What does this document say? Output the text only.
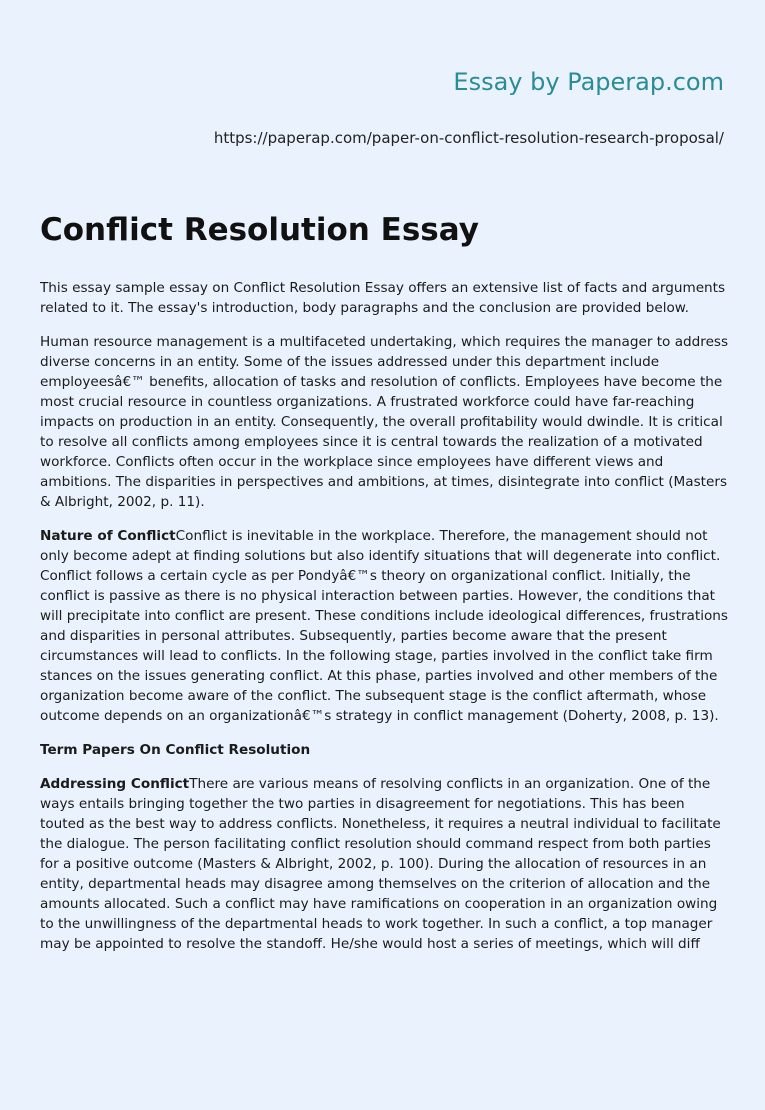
Essay by Paperap.com
https://paperap.com/paper-on-conflict-resolution-research-proposal/
Conflict Resolution Essay

This essay sample essay on Conflict Resolution Essay offers an extensive list of facts and arguments related to it. The essay's introduction, body paragraphs and the conclusion are provided below.

Human resource management is a multifaceted undertaking, which requires the manager to address diverse concerns in an entity. Some of the issues addressed under this department include employeesâ€™ benefits, allocation of tasks and resolution of conflicts. Employees have become the most crucial resource in countless organizations. A frustrated workforce could have far-reaching impacts on production in an entity. Consequently, the overall profitability would dwindle. It is critical to resolve all conflicts among employees since it is central towards the realization of a motivated workforce. Conflicts often occur in the workplace since employees have different views and ambitions. The disparities in perspectives and ambitions, at times, disintegrate into conflict (Masters & Albright, 2002, p. 11).

Nature of ConflictConflict is inevitable in the workplace. Therefore, the management should not only become adept at finding solutions but also identify situations that will degenerate into conflict. Conflict follows a certain cycle as per Pondyâ€™s theory on organizational conflict. Initially, the conflict is passive as there is no physical interaction between parties. However, the conditions that will precipitate into conflict are present. These conditions include ideological differences, frustrations and disparities in personal attributes. Subsequently, parties become aware that the present circumstances will lead to conflicts. In the following stage, parties involved in the conflict take firm stances on the issues generating conflict. At this phase, parties involved and other members of the organization become aware of the conflict. The subsequent stage is the conflict aftermath, whose outcome depends on an organizationâ€™s strategy in conflict management (Doherty, 2008, p. 13).

Term Papers On Conflict Resolution

Addressing ConflictThere are various means of resolving conflicts in an organization. One of the ways entails bringing together the two parties in disagreement for negotiations. This has been touted as the best way to address conflicts. Nonetheless, it requires a neutral individual to facilitate the dialogue. The person facilitating conflict resolution should command respect from both parties for a positive outcome (Masters & Albright, 2002, p. 100). During the allocation of resources in an entity, departmental heads may disagree among themselves on the criterion of allocation and the amounts allocated. Such a conflict may have ramifications on cooperation in an organization owing to the unwillingness of the departmental heads to work together. In such a conflict, a top manager may be appointed to resolve the standoff. He/she would host a series of meetings, which will diff
